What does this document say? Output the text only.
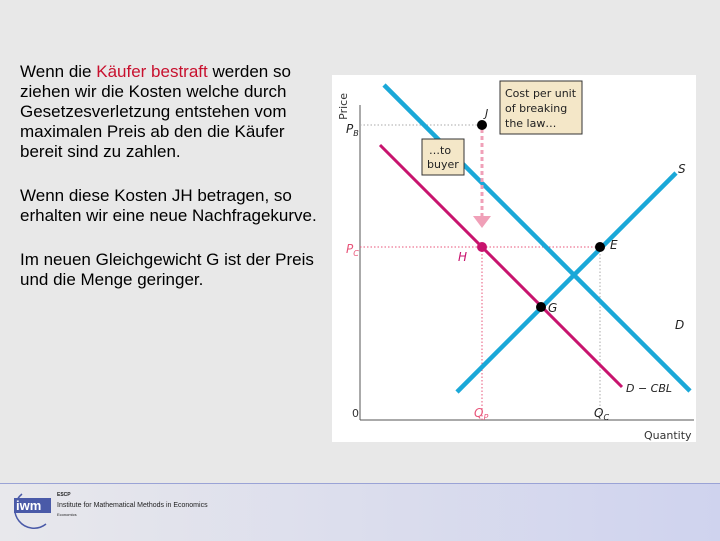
Wenn die Käufer bestraft werden so ziehen wir die Kosten welche durch Gesetzesverletzung entstehen vom maximalen Preis ab den die Käufer bereit sind zu zahlen.

Wenn diese Kosten JH betragen, so erhalten wir eine neue Nachfragekurve.

Im neuen Gleichgewicht G ist der Preis und die Menge geringer.

Price
Quantity
0
Cost per unit
of breaking
the law…
…to
buyer
J
H
E
G
S
D
D − CBL
$P_B$
$P_C$
$Q_P$	$Q_C$
iwm
ESCP
Institute for Mathematical Methods in Economics
Economics
